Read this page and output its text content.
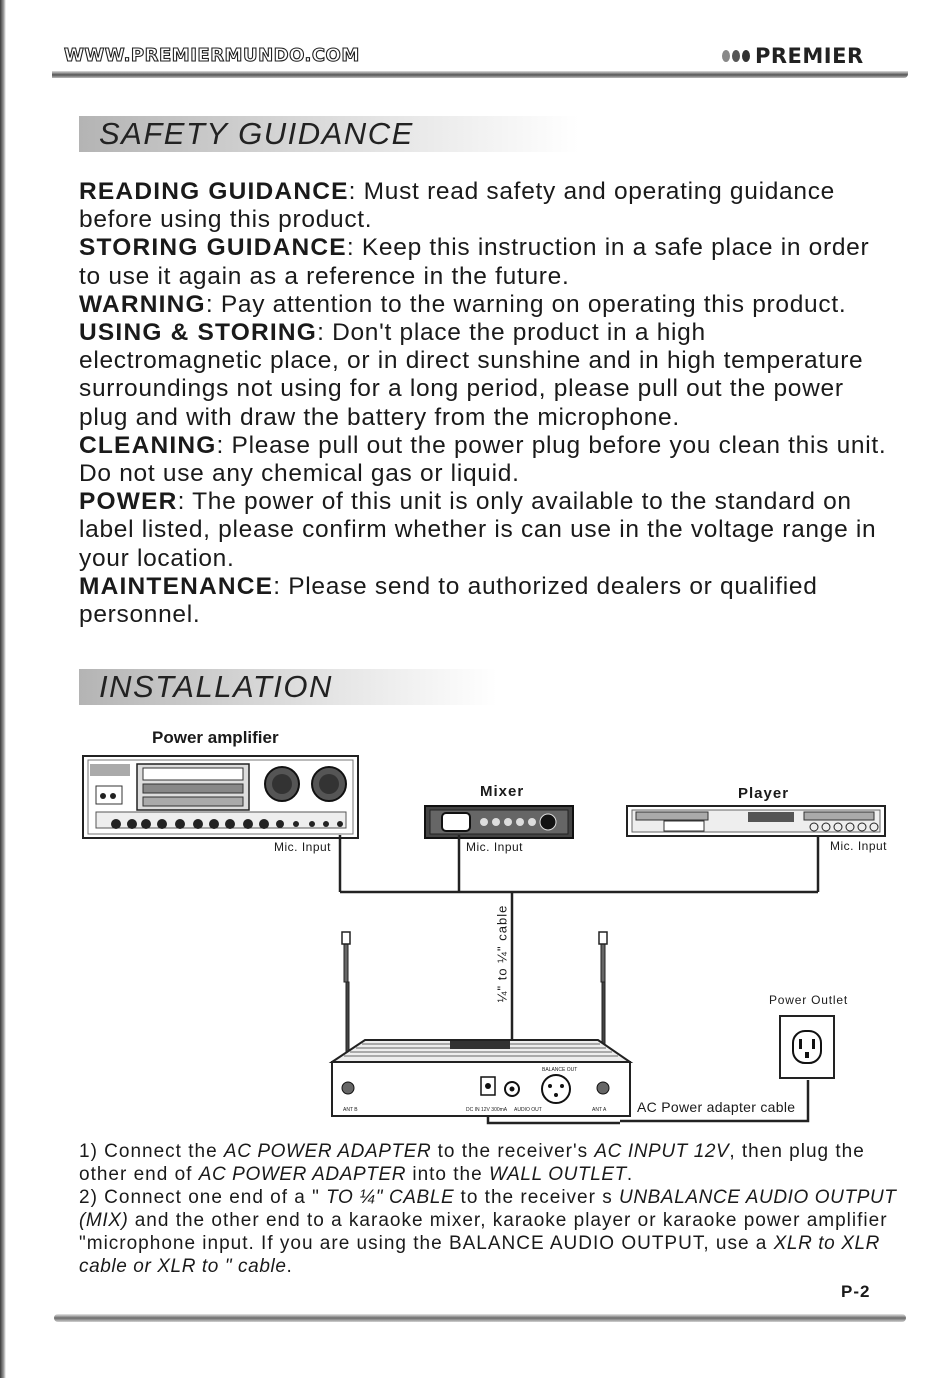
WWW.PREMIERMUNDO.COM	PREMIER
SAFETY GUIDANCE

READING GUIDANCE: Must read safety and operating guidance before using this product.

STORING GUIDANCE: Keep this instruction in a safe place in order to use it again as a reference in the future.

WARNING: Pay attention to the warning on operating this product.

USING & STORING: Don't place the product in a high electromagnetic place, or in direct sunshine and in high temperature surroundings not using for a long period, please pull out the power plug and with draw the battery from the microphone.

CLEANING: Please pull out the power plug before you clean this unit. Do not use any chemical gas or liquid.

POWER: The power of this unit is only available to the standard on label listed, please confirm whether is can use in the voltage range in your location.

MAINTENANCE: Please send to authorized dealers or qualified personnel.

INSTALLATION
Power amplifier
Mixer	Player
Mic. Input	Mic. Input	Mic. Input
¼" to ¼" cable	Power Outlet
AC Power adapter cable
BALANCE OUT
ANT B	ANT A
DC IN 12V 300mA AUDIO OUT

1) Connect the AC POWER ADAPTER to the receiver's AC INPUT 12V, then plug the other end of AC POWER ADAPTER into the WALL OUTLET.

2) Connect one end of a " TO ¼" CABLE to the receiver s UNBALANCE AUDIO OUTPUT (MIX) and the other end to a karaoke mixer, karaoke player or karaoke power amplifier "microphone input. If you are using the BALANCE AUDIO OUTPUT, use a XLR to XLR cable or XLR to " cable.

P-2
